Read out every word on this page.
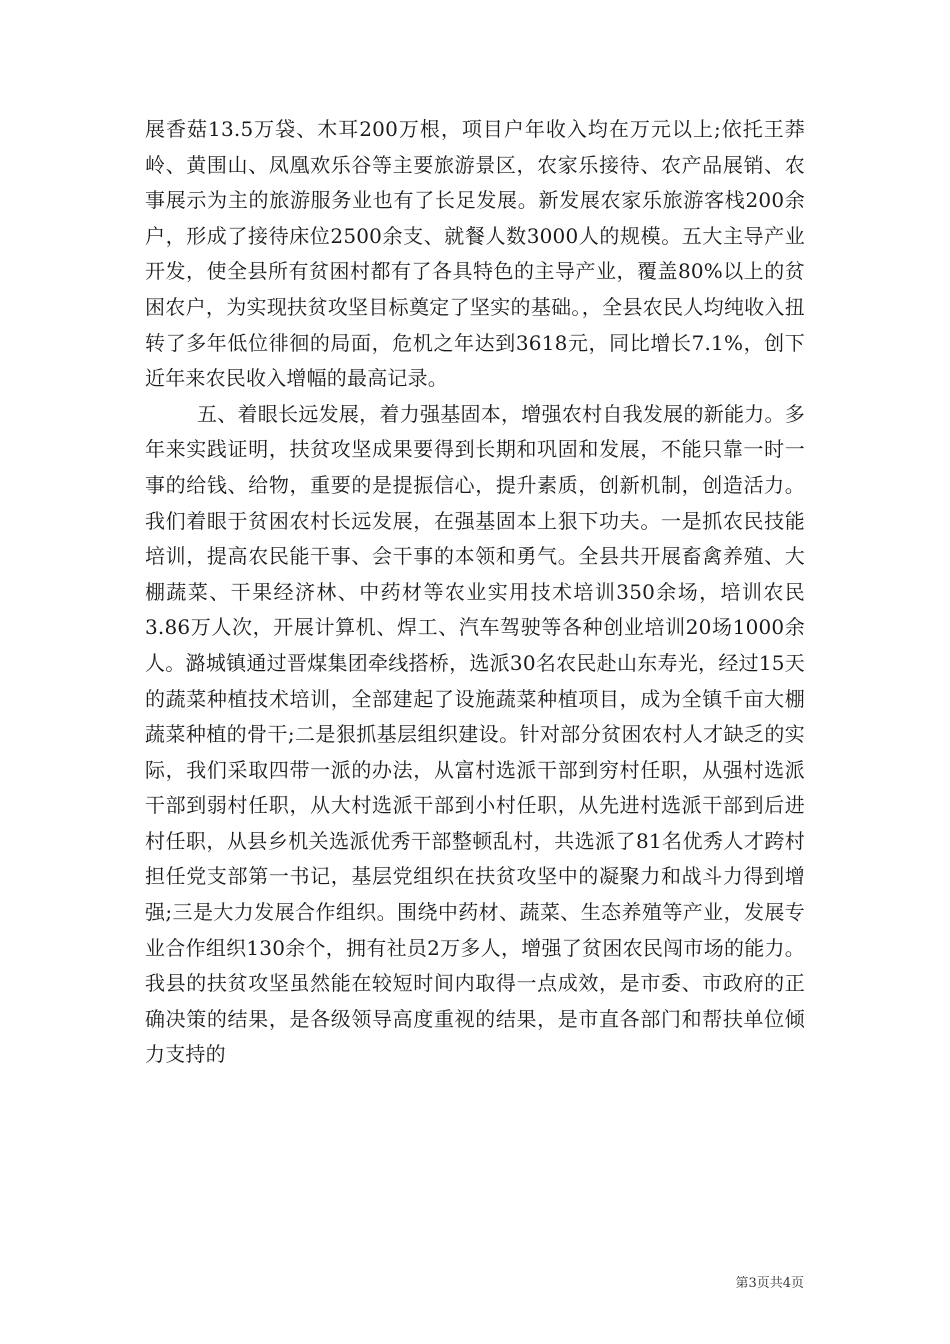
展香菇13.5万袋、木耳200万根，项目户年收入均在万元以上;依托王莽岭、黄围山、凤凰欢乐谷等主要旅游景区，农家乐接待、农产品展销、农事展示为主的旅游服务业也有了长足发展。新发展农家乐旅游客栈200余户，形成了接待床位2500余支、就餐人数3000人的规模。五大主导产业开发，使全县所有贫困村都有了各具特色的主导产业，覆盖80%以上的贫困农户，为实现扶贫攻坚目标奠定了坚实的基础。，全县农民人均纯收入扭转了多年低位徘徊的局面，危机之年达到3618元，同比增长7.1%，创下近年来农民收入增幅的最高记录。

五、着眼长远发展，着力强基固本，增强农村自我发展的新能力。多年来实践证明，扶贫攻坚成果要得到长期和巩固和发展，不能只靠一时一事的给钱、给物，重要的是提振信心，提升素质，创新机制，创造活力。我们着眼于贫困农村长远发展，在强基固本上狠下功夫。一是抓农民技能培训，提高农民能干事、会干事的本领和勇气。全县共开展畜禽养殖、大棚蔬菜、干果经济林、中药材等农业实用技术培训350余场，培训农民3.86万人次，开展计算机、焊工、汽车驾驶等各种创业培训20场1000余人。潞城镇通过晋煤集团牵线搭桥，选派30名农民赴山东寿光，经过15天的蔬菜种植技术培训，全部建起了设施蔬菜种植项目，成为全镇千亩大棚蔬菜种植的骨干;二是狠抓基层组织建设。针对部分贫困农村人才缺乏的实际，我们采取四带一派的办法，从富村选派干部到穷村任职，从强村选派干部到弱村任职，从大村选派干部到小村任职，从先进村选派干部到后进村任职，从县乡机关选派优秀干部整顿乱村，共选派了81名优秀人才跨村担任党支部第一书记，基层党组织在扶贫攻坚中的凝聚力和战斗力得到增强;三是大力发展合作组织。围绕中药材、蔬菜、生态养殖等产业，发展专业合作组织130余个，拥有社员2万多人，增强了贫困农民闯市场的能力。我县的扶贫攻坚虽然能在较短时间内取得一点成效，是市委、市政府的正确决策的结果，是各级领导高度重视的结果，是市直各部门和帮扶单位倾力支持的

第3页共4页
